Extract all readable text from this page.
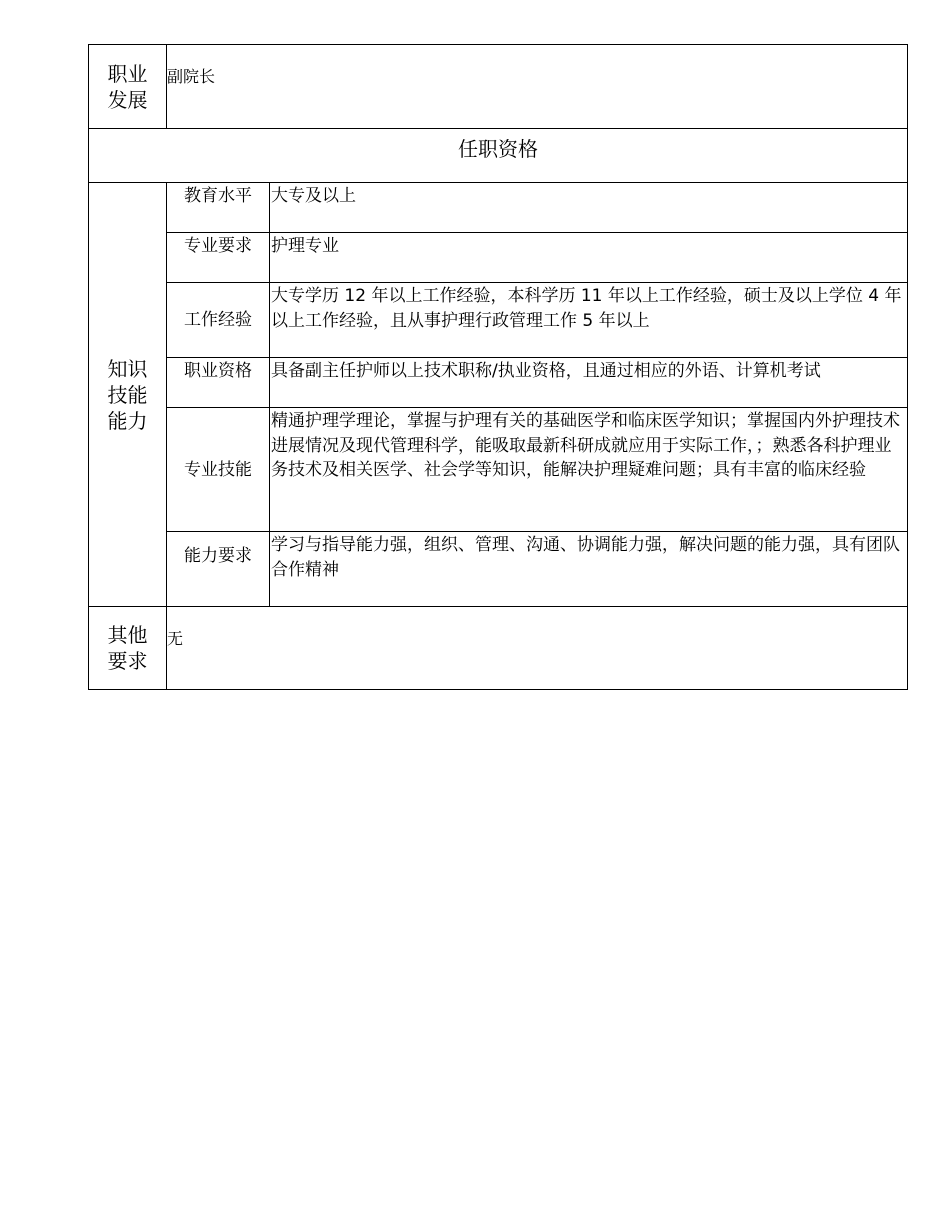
职业发展	副院长	
任职资格		
知识技能能力	教育水平	大专及以上
	专业要求	护理专业
	工作经验	大专学历 12 年以上工作经验，本科学历 11 年以上工作经验，硕士及以上学位 4 年以上工作经验，且从事护理行政管理工作 5 年以上
	职业资格	具备副主任护师以上技术职称/执业资格，且通过相应的外语、计算机考试
	专业技能	精通护理学理论，掌握与护理有关的基础医学和临床医学知识；掌握国内外护理技术进展情况及现代管理科学，能吸取最新科研成就应用于实际工作，；熟悉各科护理业务技术及相关医学、社会学等知识，能解决护理疑难问题；具有丰富的临床经验
	能力要求	学习与指导能力强，组织、管理、沟通、协调能力强，解决问题的能力强，具有团队合作精神
其他要求	无	
